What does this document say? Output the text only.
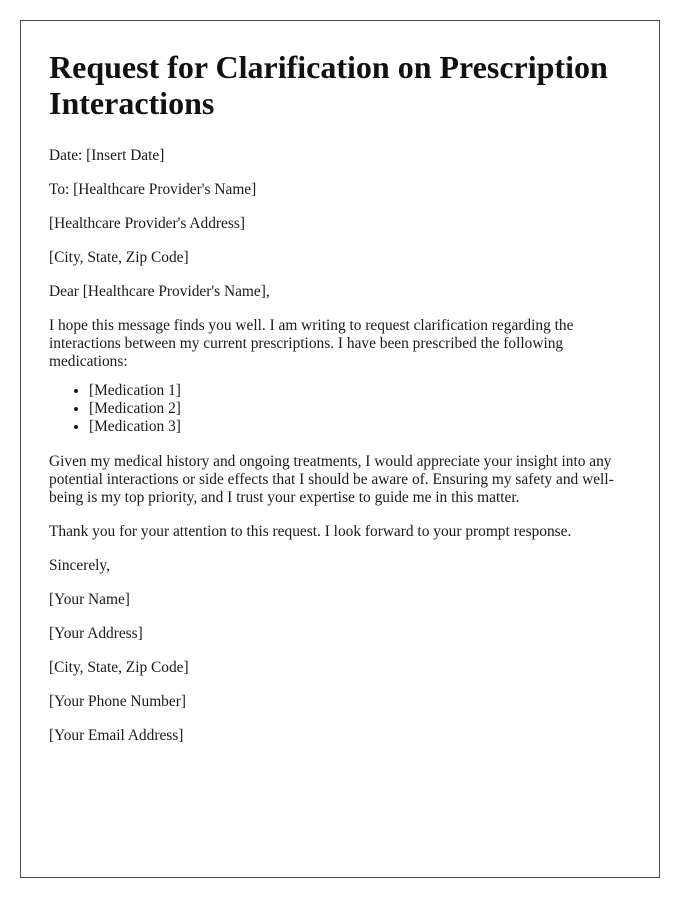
Request for Clarification on Prescription Interactions

Date: [Insert Date]

To: [Healthcare Provider's Name]

[Healthcare Provider's Address]

[City, State, Zip Code]

Dear [Healthcare Provider's Name],

I hope this message finds you well. I am writing to request clarification regarding the interactions between my current prescriptions. I have been prescribed the following medications:

• [Medication 1]
• [Medication 2]
• [Medication 3]

Given my medical history and ongoing treatments, I would appreciate your insight into any potential interactions or side effects that I should be aware of. Ensuring my safety and well-being is my top priority, and I trust your expertise to guide me in this matter.

Thank you for your attention to this request. I look forward to your prompt response.

Sincerely,

[Your Name]

[Your Address]

[City, State, Zip Code]

[Your Phone Number]

[Your Email Address]
